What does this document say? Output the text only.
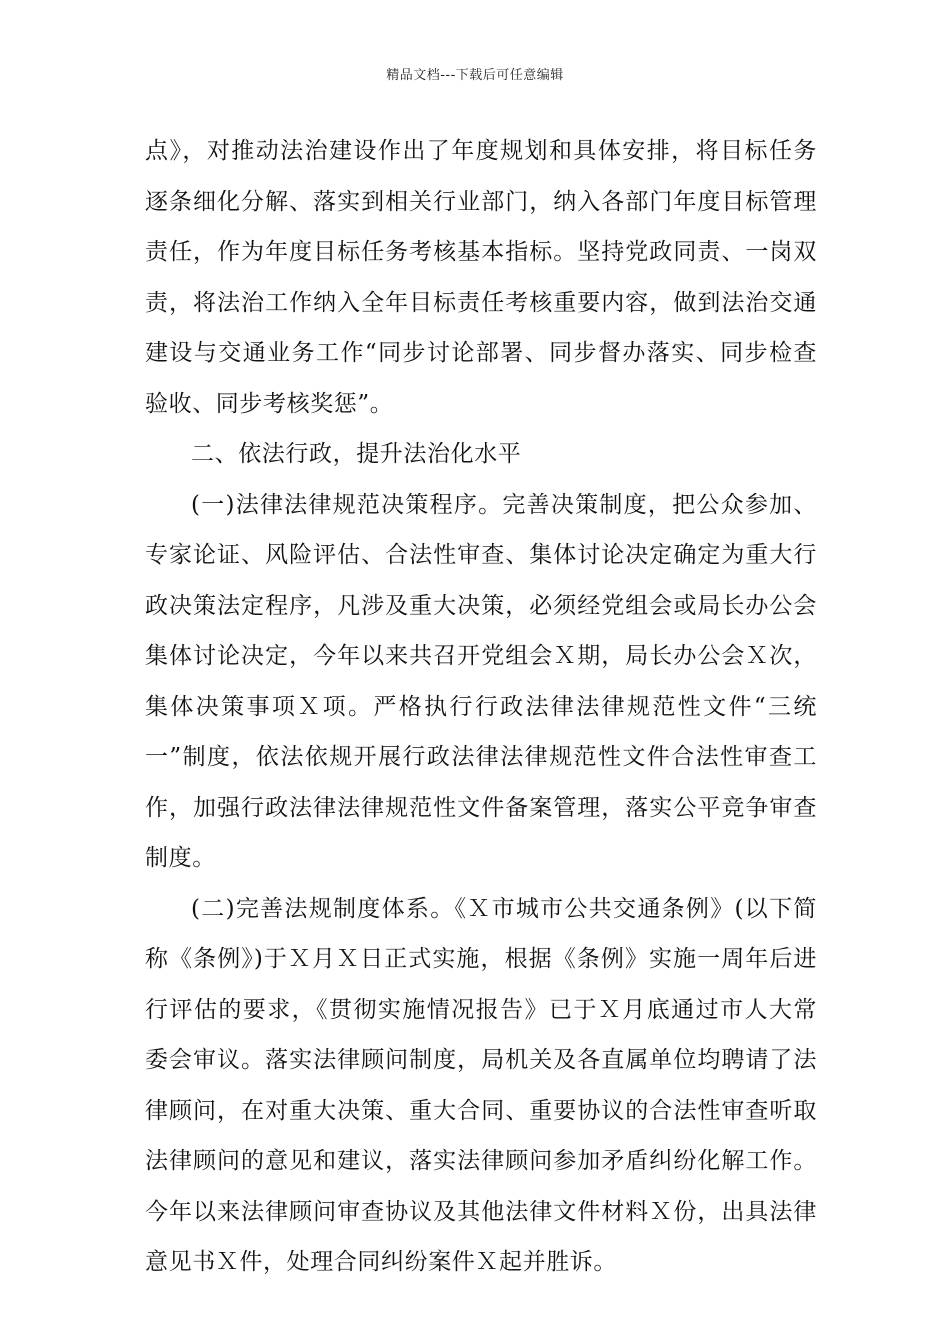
精品文档---下载后可任意编辑

点》，对推动法治建设作出了年度规划和具体安排，将目标任务逐条细化分解、落实到相关行业部门，纳入各部门年度目标管理责任，作为年度目标任务考核基本指标。坚持党政同责、一岗双责，将法治工作纳入全年目标责任考核重要内容，做到法治交通建设与交通业务工作“同步讨论部署、同步督办落实、同步检查验收、同步考核奖惩”。

二、依法行政，提升法治化水平

(一)法律法律规范决策程序。完善决策制度，把公众参加、专家论证、风险评估、合法性审查、集体讨论决定确定为重大行政决策法定程序，凡涉及重大决策，必须经党组会或局长办公会集体讨论决定，今年以来共召开党组会Ｘ期，局长办公会Ｘ次，集体决策事项Ｘ项。严格执行行政法律法律规范性文件“三统一”制度，依法依规开展行政法律法律规范性文件合法性审查工作，加强行政法律法律规范性文件备案管理，落实公平竞争审查制度。

(二)完善法规制度体系。《Ｘ市城市公共交通条例》(以下简称《条例》)于Ｘ月Ｘ日正式实施，根据《条例》实施一周年后进行评估的要求，《贯彻实施情况报告》已于Ｘ月底通过市人大常委会审议。落实法律顾问制度，局机关及各直属单位均聘请了法律顾问，在对重大决策、重大合同、重要协议的合法性审查听取法律顾问的意见和建议，落实法律顾问参加矛盾纠纷化解工作。今年以来法律顾问审查协议及其他法律文件材料Ｘ份，出具法律意见书Ｘ件，处理合同纠纷案件Ｘ起并胜诉。
